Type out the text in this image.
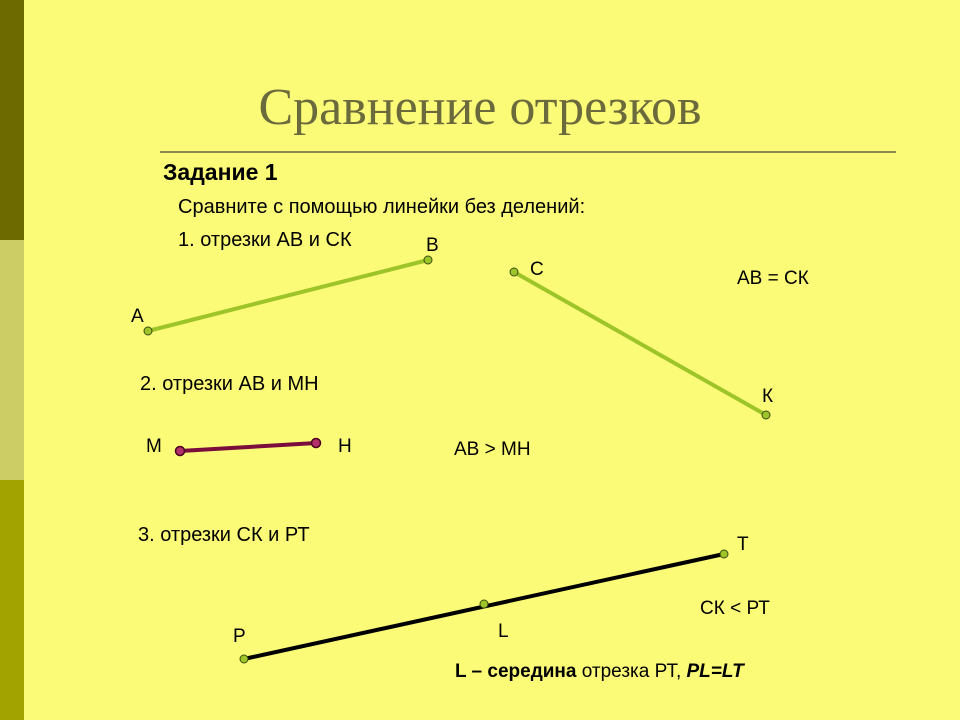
Сравнение отрезков
Задание 1
Сравните с помощью линейки без делений:
1. отрезки АВ и СК
2. отрезки АВ и МН
3. отрезки СК и РТ
А
В
С
К
М	Н
Р	L
Т
АВ = СК
АВ > МН
СК < РТ
L – середина отрезка РТ, PL=LT
